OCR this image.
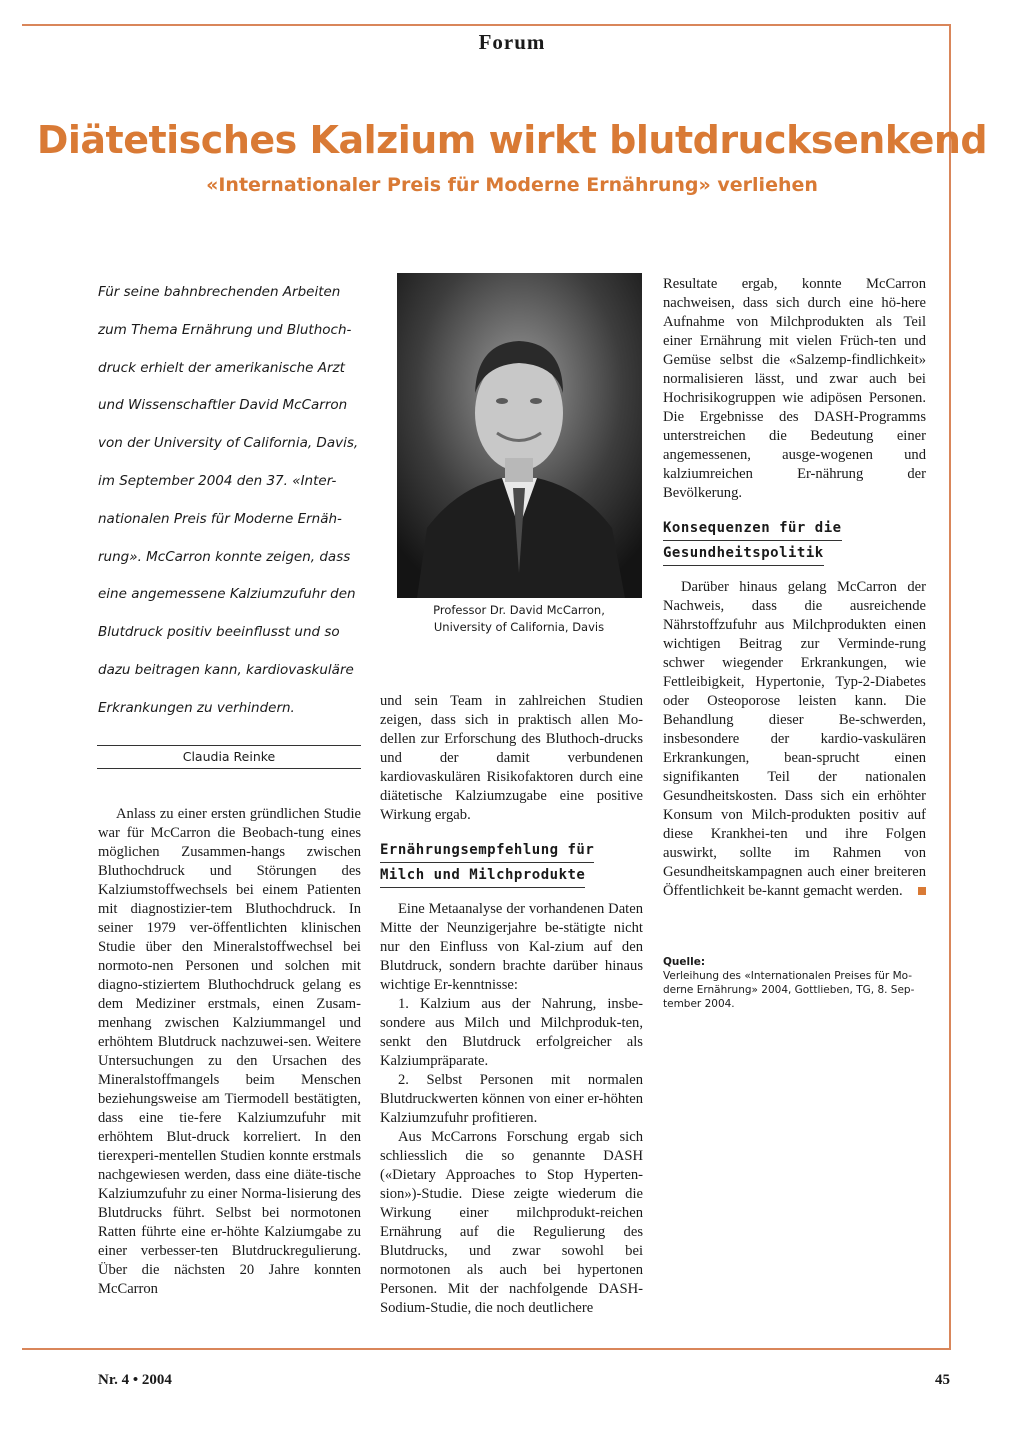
Forum
Diätetisches Kalzium wirkt blutdrucksenkend
«Internationaler Preis für Moderne Ernährung» verliehen
Für seine bahnbrechenden Arbeiten zum Thema Ernährung und Bluthoch-druck erhielt der amerikanische Arzt und Wissenschaftler David McCarron von der University of California, Davis, im September 2004 den 37. «Inter-nationalen Preis für Moderne Ernäh-rung». McCarron konnte zeigen, dass eine angemessene Kalziumzufuhr den Blutdruck positiv beeinflusst und so dazu beitragen kann, kardiovaskuläre Erkrankungen zu verhindern.
Claudia Reinke

Anlass zu einer ersten gründlichen Studie war für McCarron die Beobach-tung eines möglichen Zusammen-hangs zwischen Bluthochdruck und Störungen des Kalziumstoffwechsels bei einem Patienten mit diagnostizier-tem Bluthochdruck. In seiner 1979 ver-öffentlichten klinischen Studie über den Mineralstoffwechsel bei normoto-nen Personen und solchen mit diagno-stiziertem Bluthochdruck gelang es dem Mediziner erstmals, einen Zusam-menhang zwischen Kalziummangel und erhöhtem Blutdruck nachzuwei-sen. Weitere Untersuchungen zu den Ursachen des Mineralstoffmangels beim Menschen beziehungsweise am Tiermodell bestätigten, dass eine tie-fere Kalziumzufuhr mit erhöhtem Blut-druck korreliert. In den tierexperi-mentellen Studien konnte erstmals nachgewiesen werden, dass eine diäte-tische Kalziumzufuhr zu einer Norma-lisierung des Blutdrucks führt. Selbst bei normotonen Ratten führte eine er-höhte Kalziumgabe zu einer verbesser-ten Blutdruckregulierung. Über die nächsten 20 Jahre konnten McCarron

Professor Dr. David McCarron,
University of California, Davis

und sein Team in zahlreichen Studien zeigen, dass sich in praktisch allen Mo-dellen zur Erforschung des Bluthoch-drucks und der damit verbundenen kardiovaskulären Risikofaktoren durch eine diätetische Kalziumzugabe eine positive Wirkung ergab.

Ernährungsempfehlung für
Milch und Milchprodukte

Eine Metaanalyse der vorhandenen Daten Mitte der Neunzigerjahre be-stätigte nicht nur den Einfluss von Kal-zium auf den Blutdruck, sondern brachte darüber hinaus wichtige Er-kenntnisse:

1. Kalzium aus der Nahrung, insbe-sondere aus Milch und Milchproduk-ten, senkt den Blutdruck erfolgreicher als Kalziumpräparate.

2. Selbst Personen mit normalen Blutdruckwerten können von einer er-höhten Kalziumzufuhr profitieren.

Aus McCarrons Forschung ergab sich schliesslich die so genannte DASH («Dietary Approaches to Stop Hyperten-sion»)-Studie. Diese zeigte wiederum die Wirkung einer milchprodukt-reichen Ernährung auf die Regulierung des Blutdrucks, und zwar sowohl bei normotonen als auch bei hypertonen Personen. Mit der nachfolgende DASH-Sodium-Studie, die noch deutlichere

Resultate ergab, konnte McCarron nachweisen, dass sich durch eine hö-here Aufnahme von Milchprodukten als Teil einer Ernährung mit vielen Früch-ten und Gemüse selbst die «Salzemp-findlichkeit» normalisieren lässt, und zwar auch bei Hochrisikogruppen wie adipösen Personen. Die Ergebnisse des DASH-Programms unterstreichen die Bedeutung einer angemessenen, ausge-wogenen und kalziumreichen Er-nährung der Bevölkerung.

Konsequenzen für die
Gesundheitspolitik

Darüber hinaus gelang McCarron der Nachweis, dass die ausreichende Nährstoffzufuhr aus Milchprodukten einen wichtigen Beitrag zur Verminde-rung schwer wiegender Erkrankungen, wie Fettleibigkeit, Hypertonie, Typ-2-Diabetes oder Osteoporose leisten kann. Die Behandlung dieser Be-schwerden, insbesondere der kardio-vaskulären Erkrankungen, bean-sprucht einen signifikanten Teil der nationalen Gesundheitskosten. Dass sich ein erhöhter Konsum von Milch-produkten positiv auf diese Krankhei-ten und ihre Folgen auswirkt, sollte im Rahmen von Gesundheitskampagnen auch einer breiteren Öffentlichkeit be-kannt gemacht werden.

Quelle:
Verleihung des «Internationalen Preises für Mo-derne Ernährung» 2004, Gottlieben, TG, 8. Sep-tember 2004.
Nr. 4 • 2004	45
